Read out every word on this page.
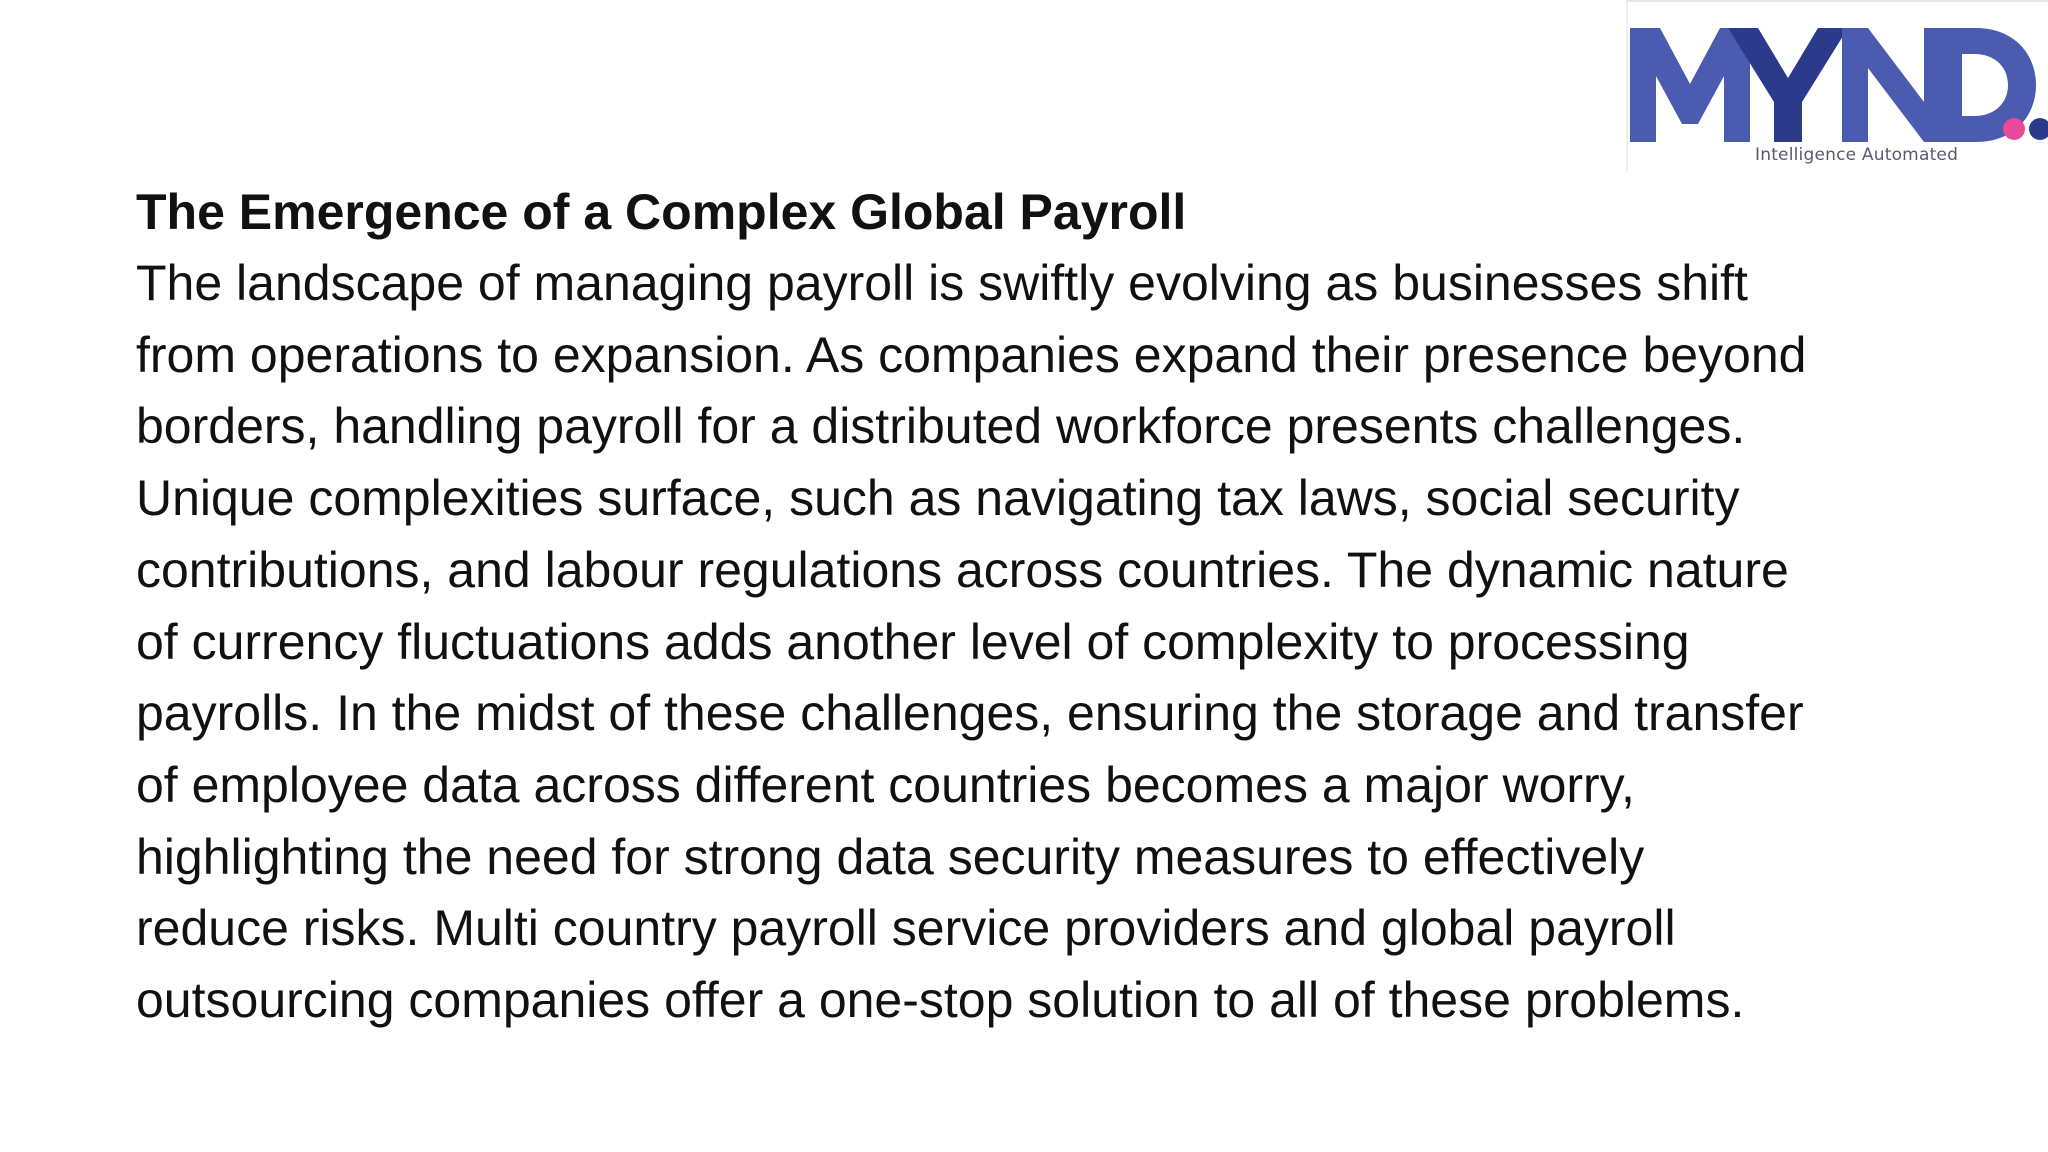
Intelligence Automated
The Emergence of a Complex Global Payroll
The landscape of managing payroll is swiftly evolving as businesses shift
from operations to expansion. As companies expand their presence beyond
borders, handling payroll for a distributed workforce presents challenges.
Unique complexities surface, such as navigating tax laws, social security
contributions, and labour regulations across countries. The dynamic nature
of currency fluctuations adds another level of complexity to processing
payrolls. In the midst of these challenges, ensuring the storage and transfer
of employee data across different countries becomes a major worry,
highlighting the need for strong data security measures to effectively
reduce risks. Multi country payroll service providers and global payroll
outsourcing companies offer a one-stop solution to all of these problems.
